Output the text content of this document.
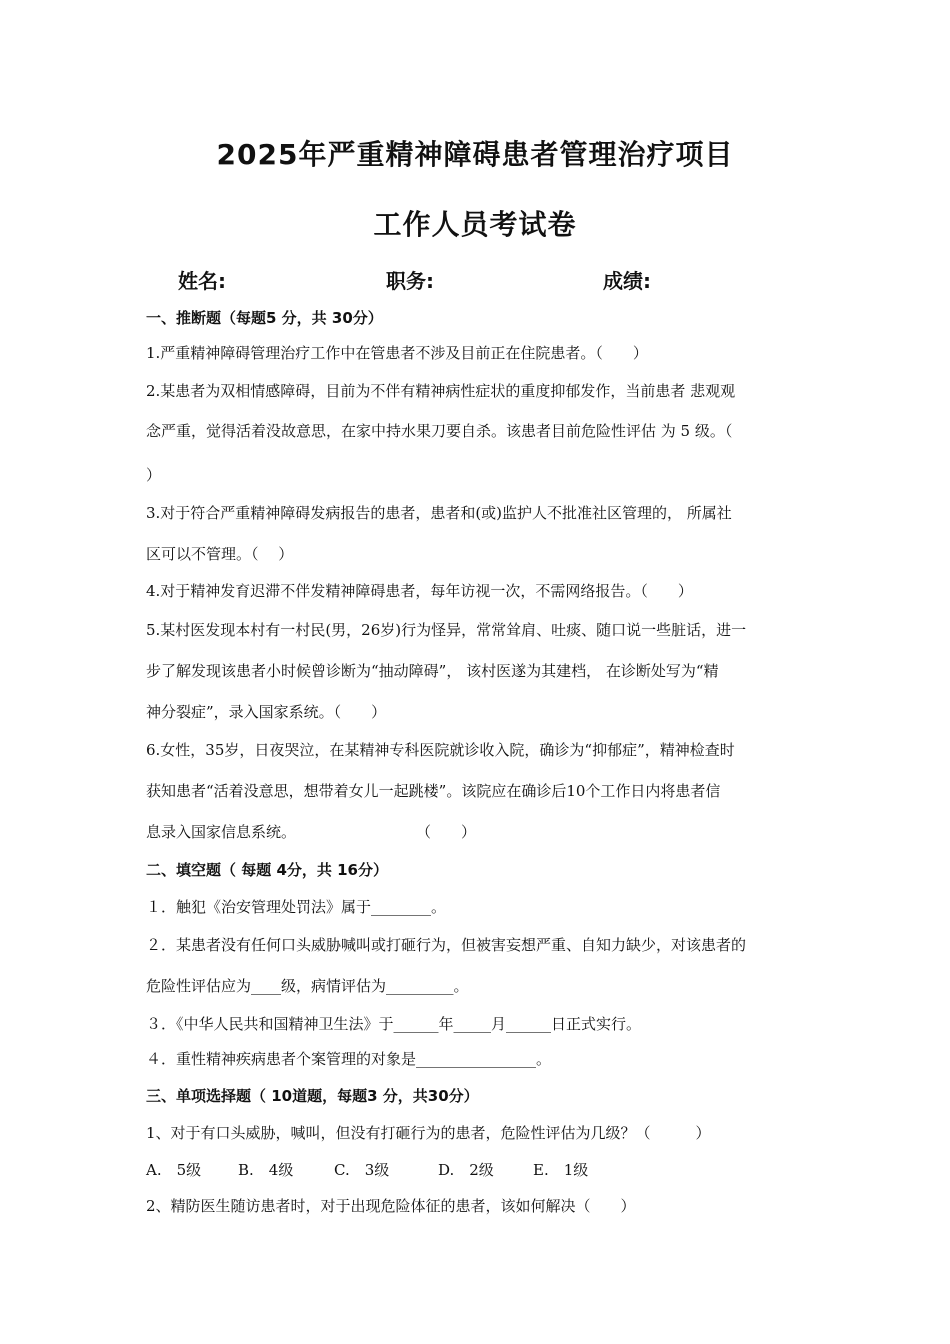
2025年严重精神障碍患者管理治疗项目
工作人员考试卷
姓名:	职务:	成绩:
一、推断题（每题5 分，共 30分）
1.严重精神障碍管理治疗工作中在管患者不涉及目前正在住院患者。（　　）
2.某患者为双相情感障碍，目前为不伴有精神病性症状的重度抑郁发作，当前患者 悲观观
念严重，觉得活着没故意思，在家中持水果刀要自杀。该患者目前危险性评估 为 5 级。（
）
3.对于符合严重精神障碍发病报告的患者，患者和(或)监护人不批准社区管理的， 所属社
区可以不管理。（　 ）
4.对于精神发育迟滞不伴发精神障碍患者，每年访视一次，不需网络报告。（　　）
5.某村医发现本村有一村民(男，26岁)行为怪异，常常耸肩、吐痰、随口说一些脏话，进一
步了解发现该患者小时候曾诊断为“抽动障碍”， 该村医遂为其建档， 在诊断处写为“精
神分裂症”，录入国家系统。（　　）
6.女性，35岁，日夜哭泣，在某精神专科医院就诊收入院，确诊为“抑郁症”，精神检查时
获知患者“活着没意思，想带着女儿一起跳楼”。该院应在确诊后10个工作日内将患者信
息录入国家信息系统。　　　　　　　　　（　　）
二、填空题（ 每题 4分，共 16分）
１．触犯《治安管理处罚法》属于________。
２．某患者没有任何口头威胁喊叫或打砸行为，但被害妄想严重、自知力缺少，对该患者的
危险性评估应为____级，病情评估为_________。
３．《中华人民共和国精神卫生法》于______年_____月______日正式实行。
４．重性精神疾病患者个案管理的对象是________________。
三、单项选择题（ 10道题，每题3 分，共30分）
1、对于有口头威胁，喊叫，但没有打砸行为的患者，危险性评估为几级？（　　　）
A.　5级 B.　4级	C.　3级	D.　2级	E.　1级
2、精防医生随访患者时，对于出现危险体征的患者，该如何解决（　　）
